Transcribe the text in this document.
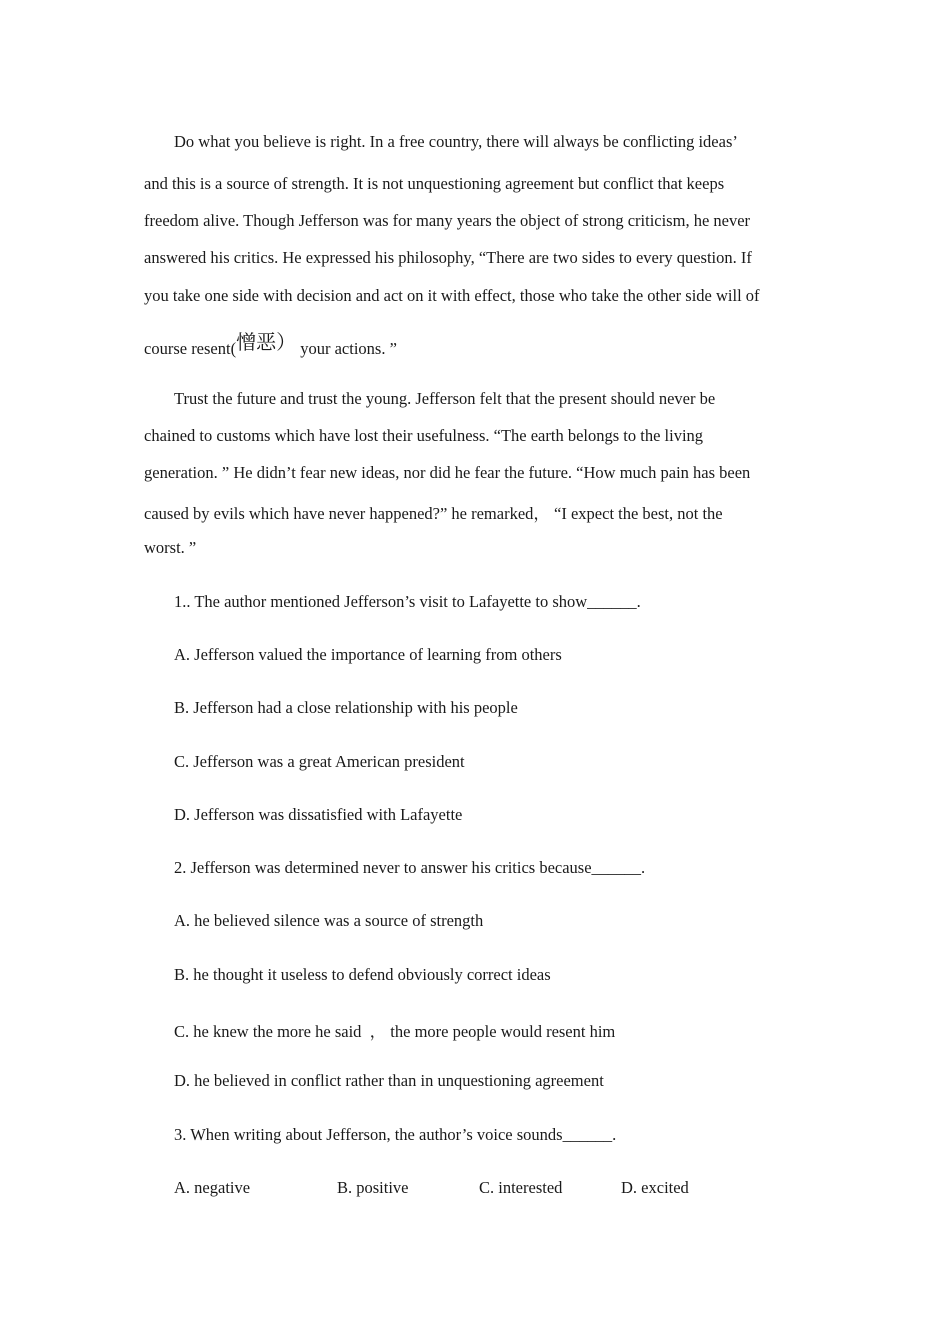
Do what you believe is right. In a free country, there will always be conflicting ideas’
and this is a source of strength. It is not unquestioning agreement but conflict that keeps
freedom alive. Though Jefferson was for many years the object of strong criticism, he never
answered his critics. He expressed his philosophy, “There are two sides to every question. If
you take one side with decision and act on it with effect, those who take the other side will of
course resent(憎恶） your actions. ”
Trust the future and trust the young. Jefferson felt that the present should never be
chained to customs which have lost their usefulness. “The earth belongs to the living
generation. ” He didn’t fear new ideas, nor did he fear the future. “How much pain has been
caused by evils which have never happened?” he remarked， “I expect the best, not the
worst. ”
1.. The author mentioned Jefferson’s visit to Lafayette to show______.
A. Jefferson valued the importance of learning from others
B. Jefferson had a close relationship with his people
C. Jefferson was a great American president
D. Jefferson was dissatisfied with Lafayette
2. Jefferson was determined never to answer his critics because______.
A. he believed silence was a source of strength
B. he thought it useless to defend obviously correct ideas
C. he knew the more he said  ， the more people would resent him
D. he believed in conflict rather than in unquestioning agreement
3. When writing about Jefferson, the author’s voice sounds______.
A. negative	B. positive	C. interested	D. excited
